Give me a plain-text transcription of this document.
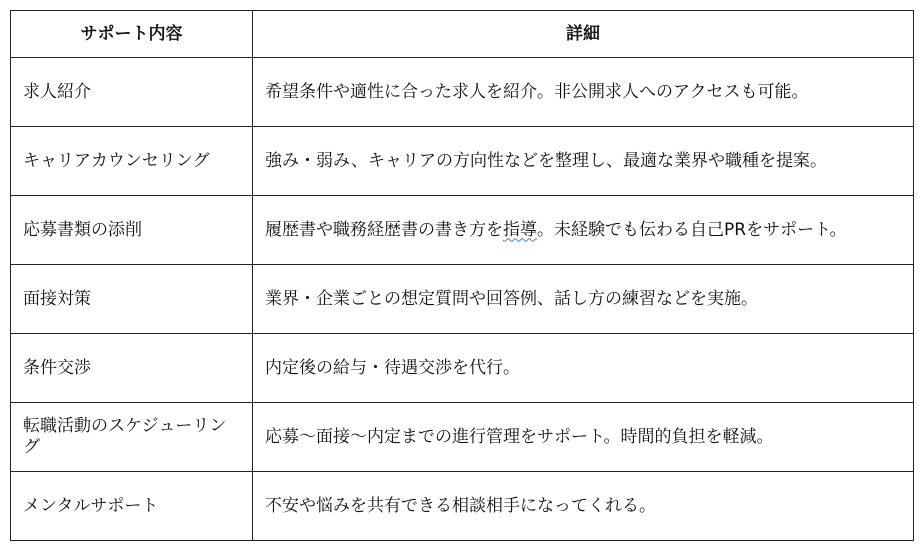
サポート内容	詳細
求人紹介	希望条件や適性に合った求人を紹介。非公開求人へのアクセスも可能。
キャリアカウンセリング	強み・弱み、キャリアの方向性などを整理し、最適な業界や職種を提案。
応募書類の添削	履歴書や職務経歴書の書き方を指導。未経験でも伝わる自己PRをサポート。
面接対策	業界・企業ごとの想定質問や回答例、話し方の練習などを実施。
条件交渉	内定後の給与・待遇交渉を代行。
転職活動のスケジューリング	応募〜面接〜内定までの進行管理をサポート。時間的負担を軽減。
メンタルサポート	不安や悩みを共有できる相談相手になってくれる。
